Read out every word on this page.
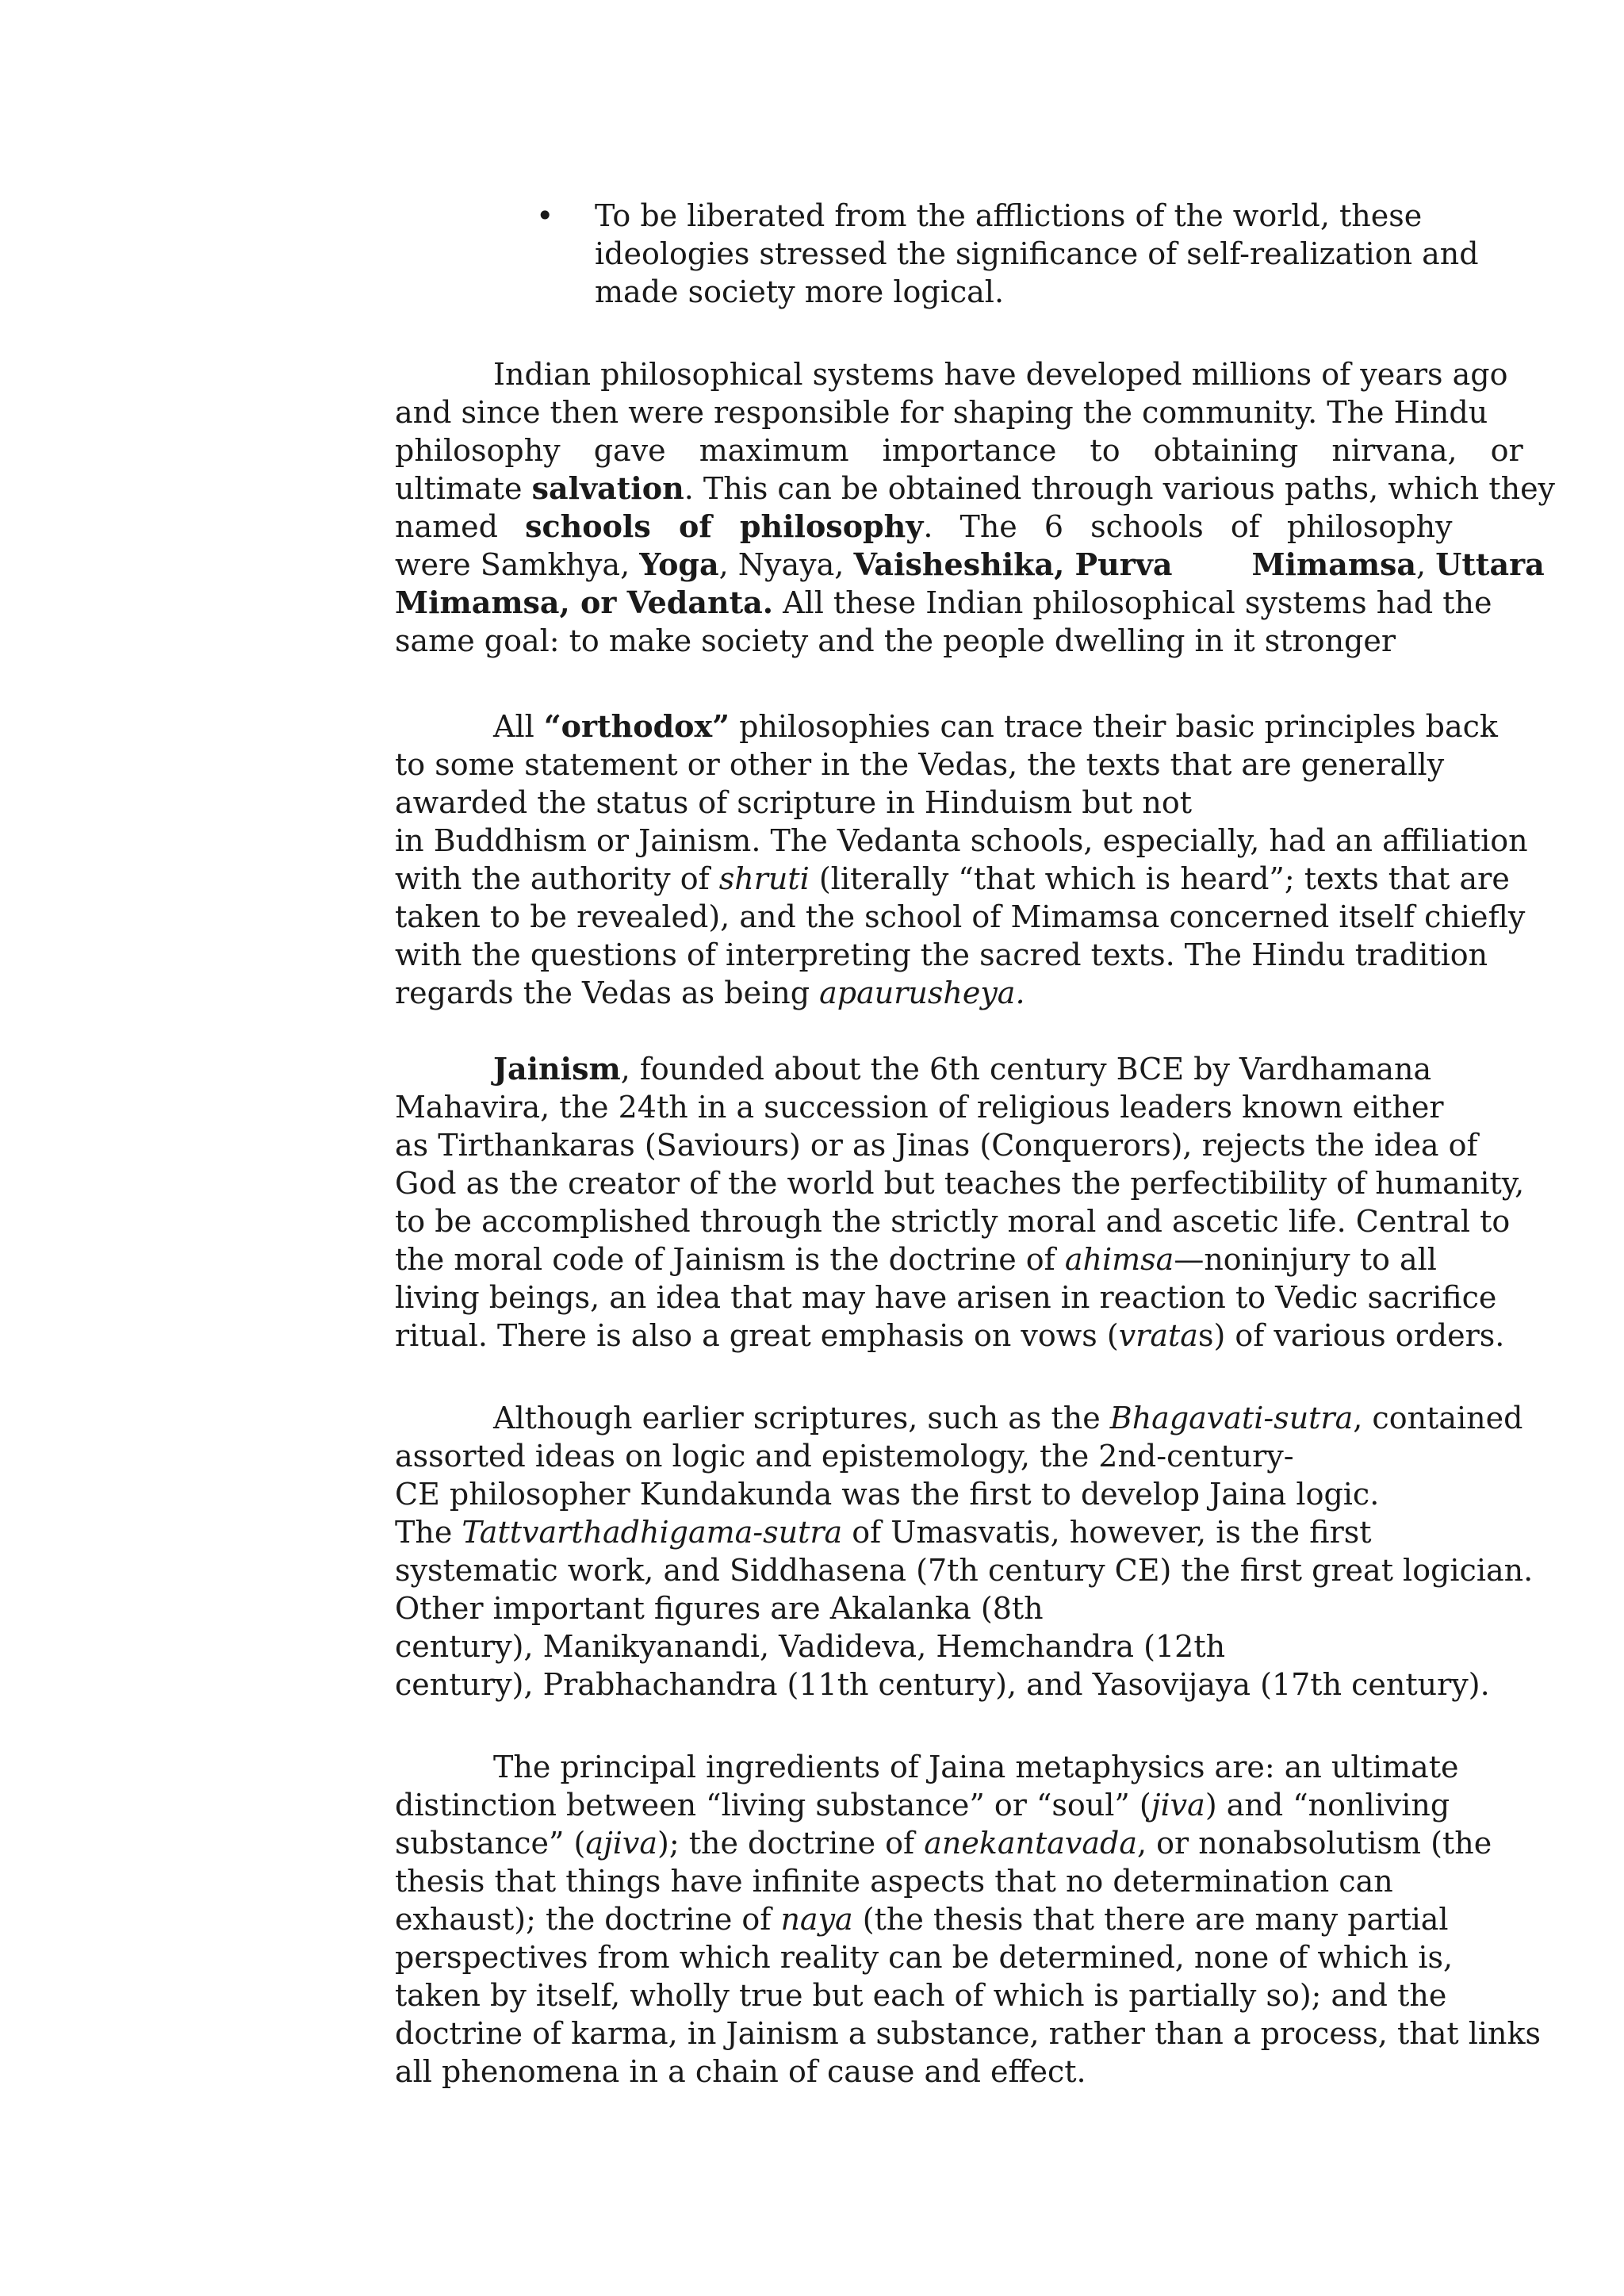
• To be liberated from the afflictions of the world, these
ideologies stressed the significance of self-realization and
made society more logical.
Indian philosophical systems have developed millions of years ago
and since then were responsible for shaping the community. The Hindu
philosophy gave maximum importance to obtaining nirvana, or
ultimate salvation. This can be obtained through various paths, which they
named schools of philosophy. The 6 schools of philosophy
were Samkhya, Yoga, Nyaya, Vaisheshika, Purva	Mimamsa, Uttara
Mimamsa, or Vedanta. All these Indian philosophical systems had the
same goal: to make society and the people dwelling in it stronger
All “orthodox” philosophies can trace their basic principles back
to some statement or other in the Vedas, the texts that are generally
awarded the status of scripture in Hinduism but not
in Buddhism or Jainism. The Vedanta schools, especially, had an affiliation
with the authority of shruti (literally “that which is heard”; texts that are
taken to be revealed), and the school of Mimamsa concerned itself chiefly
with the questions of interpreting the sacred texts. The Hindu tradition
regards the Vedas as being apaurusheya.
Jainism, founded about the 6th century BCE by Vardhamana
Mahavira, the 24th in a succession of religious leaders known either
as Tirthankaras (Saviours) or as Jinas (Conquerors), rejects the idea of
God as the creator of the world but teaches the perfectibility of humanity,
to be accomplished through the strictly moral and ascetic life. Central to
the moral code of Jainism is the doctrine of ahimsa—noninjury to all
living beings, an idea that may have arisen in reaction to Vedic sacrifice
ritual. There is also a great emphasis on vows (vratas) of various orders.
Although earlier scriptures, such as the Bhagavati-sutra, contained
assorted ideas on logic and epistemology, the 2nd-century-
CE philosopher Kundakunda was the first to develop Jaina logic.
The Tattvarthadhigama-sutra of Umasvatis, however, is the first
systematic work, and Siddhasena (7th century CE) the first great logician.
Other important figures are Akalanka (8th
century), Manikyanandi, Vadideva, Hemchandra (12th
century), Prabhachandra (11th century), and Yasovijaya (17th century).
The principal ingredients of Jaina metaphysics are: an ultimate
distinction between “living substance” or “soul” (jiva) and “nonliving
substance” (ajiva); the doctrine of anekantavada, or nonabsolutism (the
thesis that things have infinite aspects that no determination can
exhaust); the doctrine of naya (the thesis that there are many partial
perspectives from which reality can be determined, none of which is,
taken by itself, wholly true but each of which is partially so); and the
doctrine of karma, in Jainism a substance, rather than a process, that links
all phenomena in a chain of cause and effect.
